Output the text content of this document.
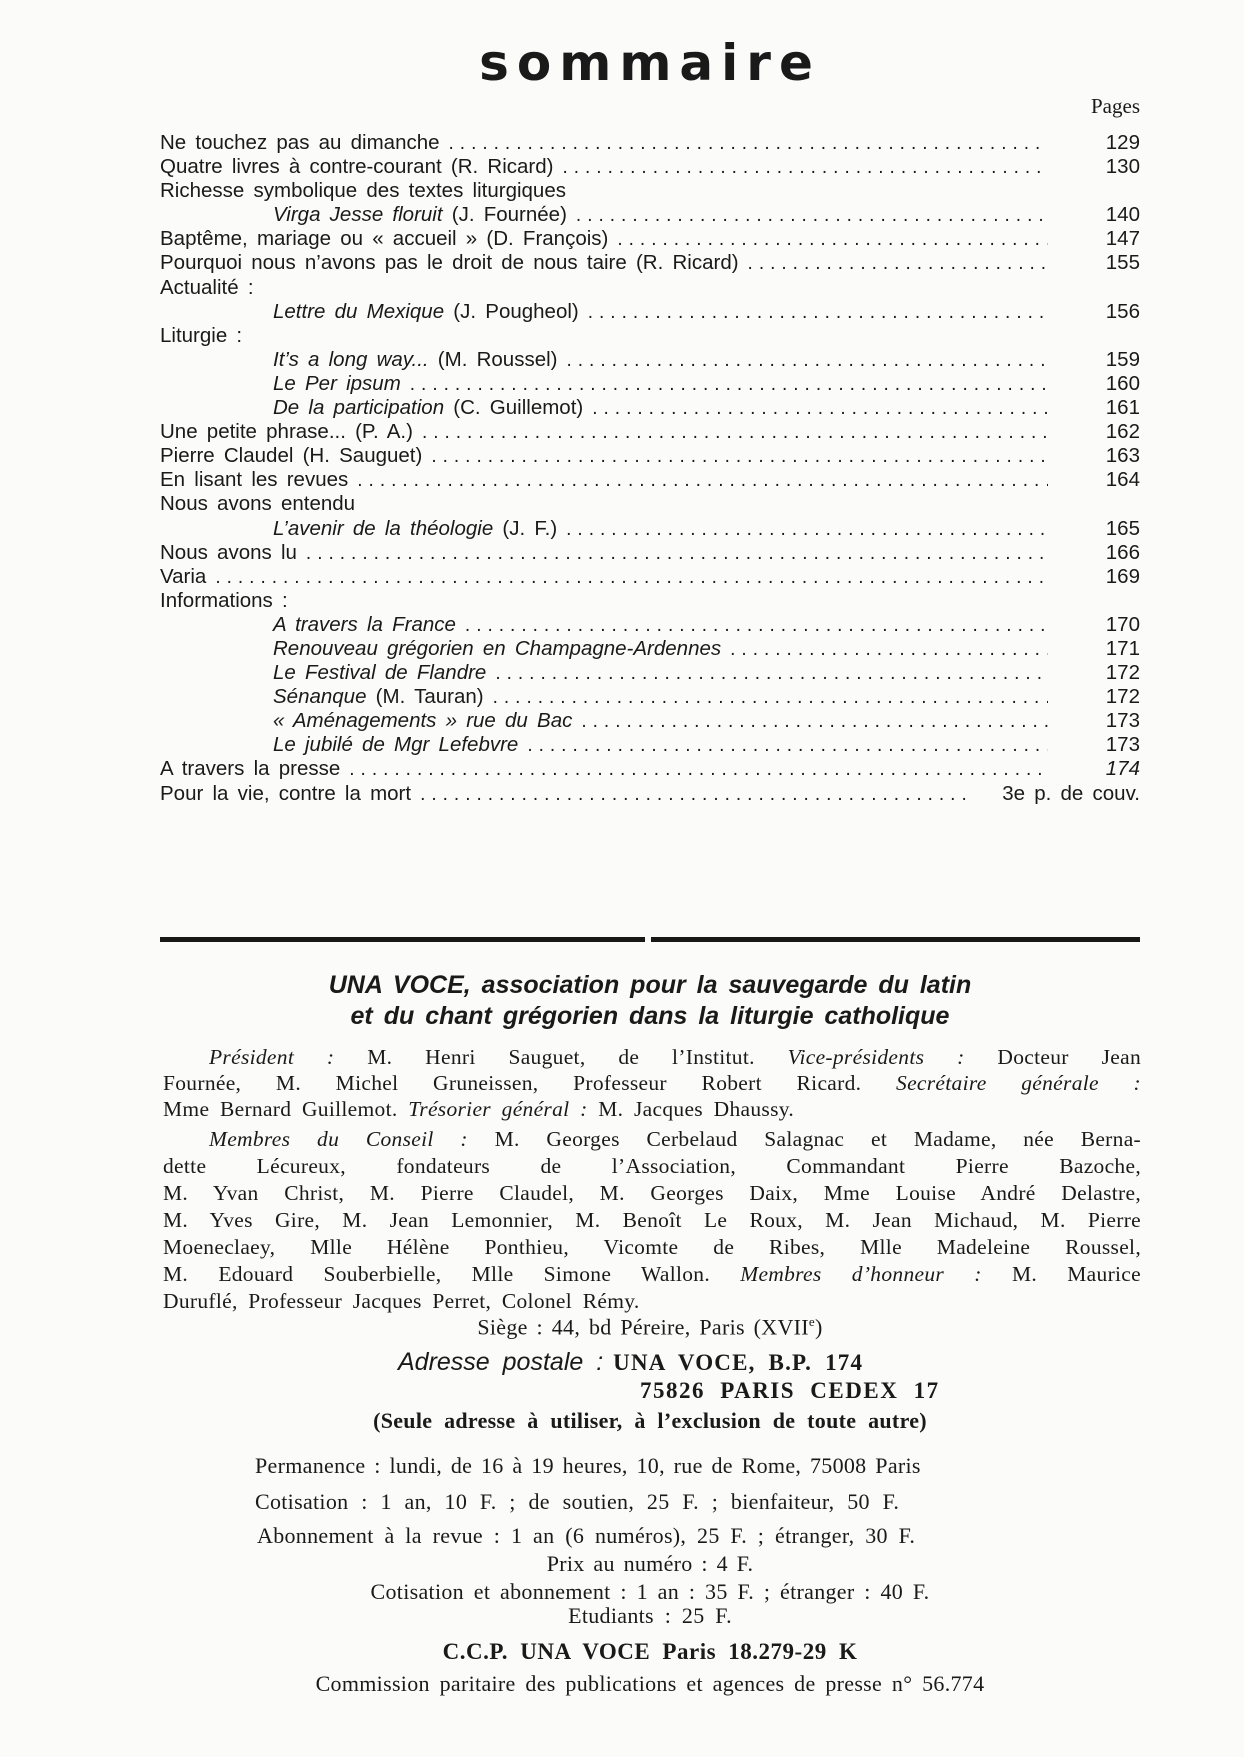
sommaire
Pages
Ne touchez pas au dimanche .....	129
Quatre livres à contre-courant (R. Ricard) .....	130
Richesse symbolique des textes liturgiques
Virga Jesse floruit (J. Fournée) .....	140
Baptême, mariage ou « accueil » (D. François) .....	147
Pourquoi nous n’avons pas le droit de nous taire (R. Ricard) .....	155
Actualité :
Lettre du Mexique (J. Pougheol) .....	156
Liturgie :
It’s a long way... (M. Roussel) .....	159
Le Per ipsum .....	160
De la participation (C. Guillemot) .....	161
Une petite phrase... (P. A.) .....	162
Pierre Claudel (H. Sauguet) .....	163
En lisant les revues .....	164
Nous avons entendu
L’avenir de la théologie (J. F.) .....	165
Nous avons lu .....	166
Varia .....	169
Informations :
A travers la France .....	170
Renouveau grégorien en Champagne-Ardennes .....	171
Le Festival de Flandre .....	172
Sénanque (M. Tauran) .....	172
« Aménagements » rue du Bac .....	173
Le jubilé de Mgr Lefebvre .....	173
A travers la presse .....	174
Pour la vie, contre la mort .....	3e p. de couv.
UNA VOCE, association pour la sauvegarde du latin
et du chant grégorien dans la liturgie catholique
Président : M. Henri Sauguet, de l’Institut. Vice-présidents : Docteur Jean
Fournée, M. Michel Gruneissen, Professeur Robert Ricard. Secrétaire générale :
Mme Bernard Guillemot. Trésorier général : M. Jacques Dhaussy.
Membres du Conseil : M. Georges Cerbelaud Salagnac et Madame, née Berna-
dette Lécureux, fondateurs de l’Association, Commandant Pierre Bazoche,
M. Yvan Christ, M. Pierre Claudel, M. Georges Daix, Mme Louise André Delastre,
M. Yves Gire, M. Jean Lemonnier, M. Benoît Le Roux, M. Jean Michaud, M. Pierre
Moeneclaey, Mlle Hélène Ponthieu, Vicomte de Ribes, Mlle Madeleine Roussel,
M. Edouard Souberbielle, Mlle Simone Wallon. Membres d’honneur : M. Maurice
Duruflé, Professeur Jacques Perret, Colonel Rémy.
Siège : 44, bd Péreire, Paris (XVIIe)
Adresse postale : UNA VOCE, B.P. 174
75826 PARIS CEDEX 17
(Seule adresse à utiliser, à l’exclusion de toute autre)
Permanence : lundi, de 16 à 19 heures, 10, rue de Rome, 75008 Paris
Cotisation : 1 an, 10 F. ; de soutien, 25 F. ; bienfaiteur, 50 F.
Abonnement à la revue : 1 an (6 numéros), 25 F. ; étranger, 30 F.
Prix au numéro : 4 F.
Cotisation et abonnement : 1 an : 35 F. ; étranger : 40 F.
Etudiants : 25 F.
C.C.P. UNA VOCE Paris 18.279-29 K
Commission paritaire des publications et agences de presse n° 56.774
